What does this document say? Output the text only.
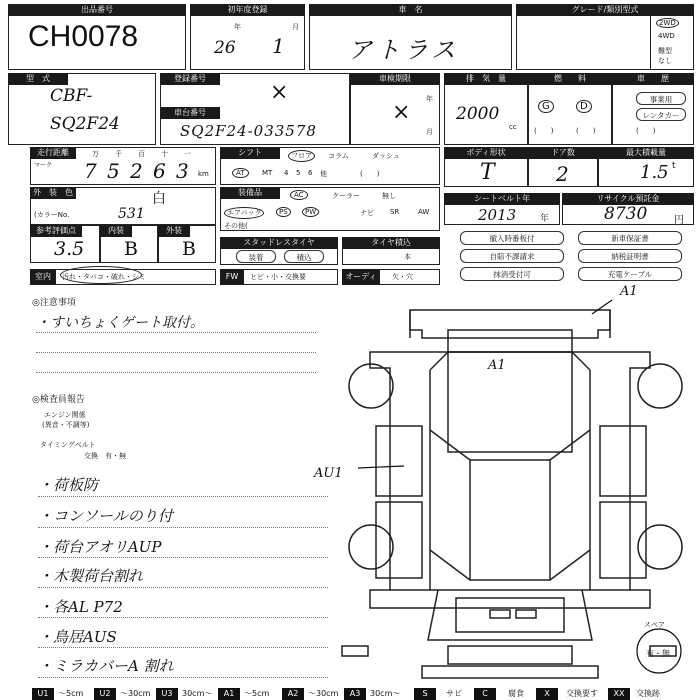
出品番号
CH0078
初年度登録
年	月
26 1
車　名
アトラス
グレード/類別型式
2WD
4WD
難型
なし
型　式
CBF-
SQ2F24
登録番号
×
車台番号
SQ2F24-033578
車検期限
年
月
×
排　気　量
2000
cc
燃　　料
G	D
(　　)	(　　)
車　　歴
事業用
レンタカー
(　　)
走行距離
マーク
万 千 百 十 一
7 5 2 6 3 km
シフト	フロア	コラム	ダッシュ
AT	MT 4 5 6 他	(　　)
ボディ形状
T
ドア数
2
最大積載量
1.5 t
外　装　色
(カラーNo.
白
531
装備品	AC	クーラー	無し
エアバッグ	PS	PW	ナビ SR	AW
その他(
シートベルト年
2013	年
リサイクル預託金
8730	円
参考評価点
3.5
内装
B
外装
B	スタッドレスタイヤ
装着	積込
タイヤ積込
本
撤入時番板付	新車保証書
自賠不課請求	納税証明書
抹消受付可	充電ケーブル
室内	汚れ・タバコ・破れ・シミ	FW	ヒビ・小・交換要	オーディオ
欠・穴
◎注意事項
・すいちょくゲート取付。
◎検査員報告
エンジン関係
(異音・不調等)
タイミングベルト
交換　有・無
・荷板防
・コンソールのり付
・荷台アオリAUP
・木製荷台割れ
・各AL P72
・鳥居AUS
・ミラカバーA 割れ
A1
A1
AU1
スペア
有・無
U1	〜5cm	U2	〜30cm	U3	30cm〜	A1	〜5cm	A2	〜30cm	A3	30cm〜	S	サビ	C	腐食	X	交換要す	XX	交換跡
